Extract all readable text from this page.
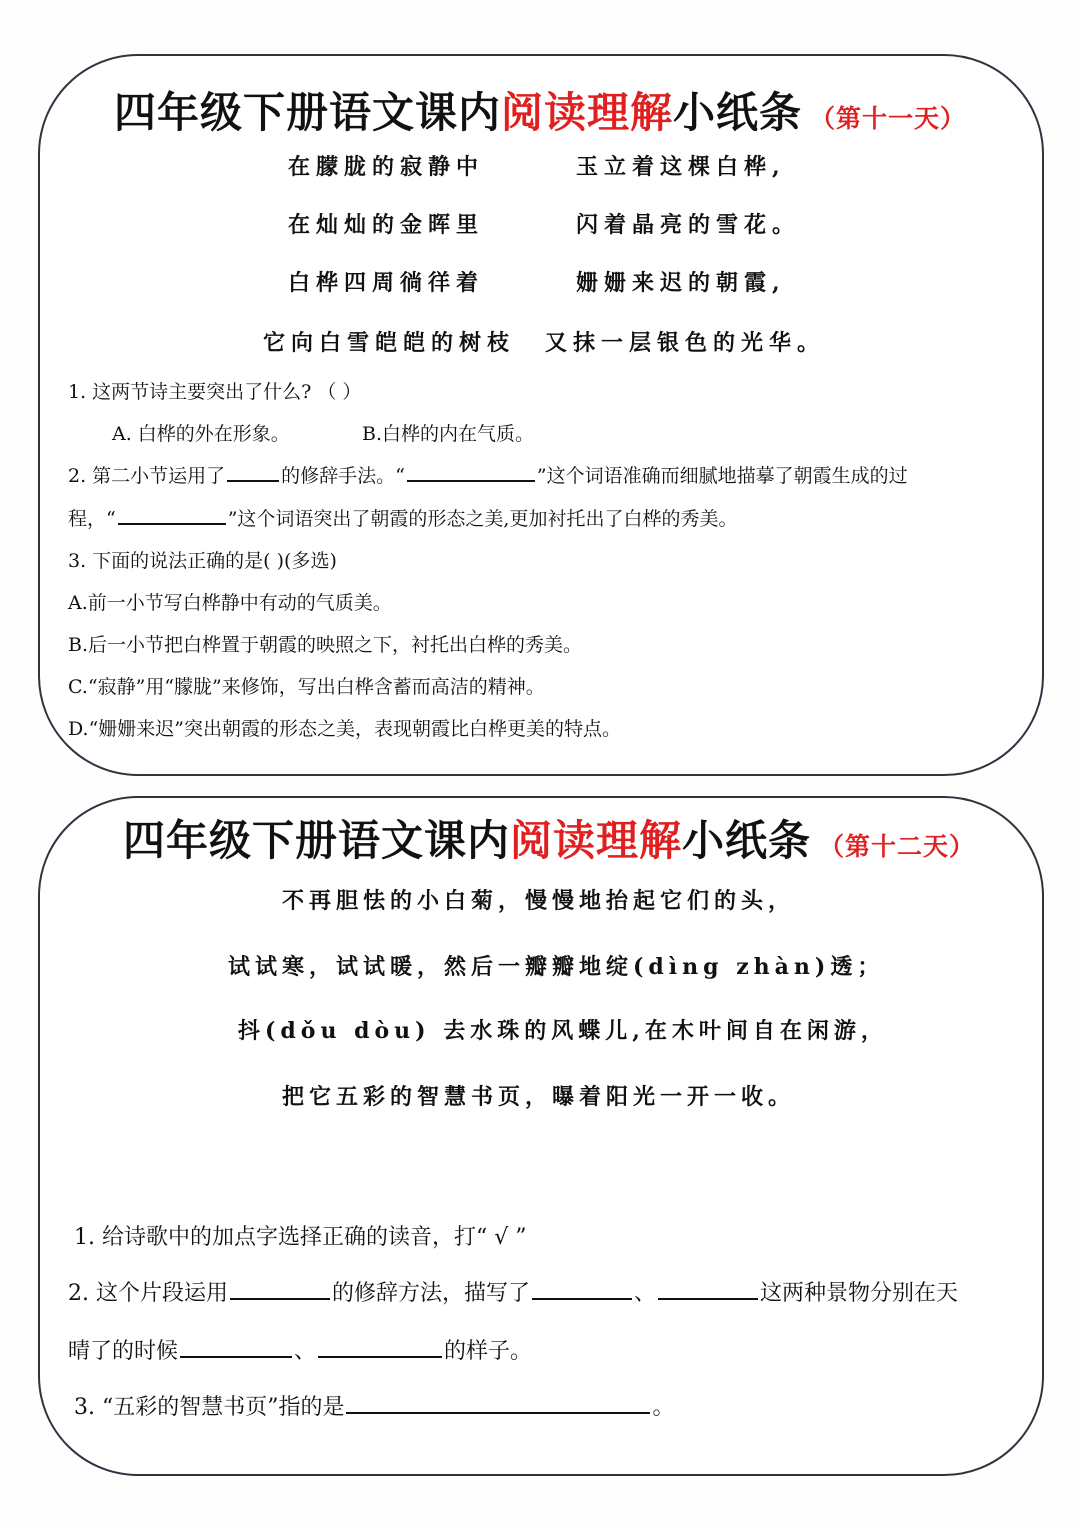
四年级下册语文课内阅读理解小纸条 （第十一天）
在朦胧的寂静中	玉立着这棵白桦,
在灿灿的金晖里	闪着晶亮的雪花。
白桦四周徜徉着	姗姗来迟的朝霞,
它向白雪皑皑的树枝 又抹一层银色的光华。
1. 这两节诗主要突出了什么? （ ）
A. 白桦的外在形象。	B.白桦的内在气质。
2. 第二小节运用了	的修辞手法。“	”这个词语准确而细腻地描摹了朝霞生成的过
程，“	”这个词语突出了朝霞的形态之美,更加衬托出了白桦的秀美。
3. 下面的说法正确的是( )(多选)
A.前一小节写白桦静中有动的气质美。
B.后一小节把白桦置于朝霞的映照之下，衬托出白桦的秀美。
C.“寂静”用“朦胧”来修饰，写出白桦含蓄而高洁的精神。
D.“姗姗来迟”突出朝霞的形态之美，表现朝霞比白桦更美的特点。
四年级下册语文课内阅读理解小纸条 （第十二天）
不再胆怯的小白菊，慢慢地抬起它们的头，
试试寒，试试暖，然后一瓣瓣地绽(dìng zhàn)透；
抖(dǒu dòu) 去水珠的风蝶儿,在木叶间自在闲游，
把它五彩的智慧书页，曝着阳光一开一收。
1. 给诗歌中的加点字选择正确的读音，打“ √ ”
2. 这个片段运用	的修辞方法，描写了	、	这两种景物分别在天
晴了的时候	、	的样子。
3. “五彩的智慧书页”指的是	。
